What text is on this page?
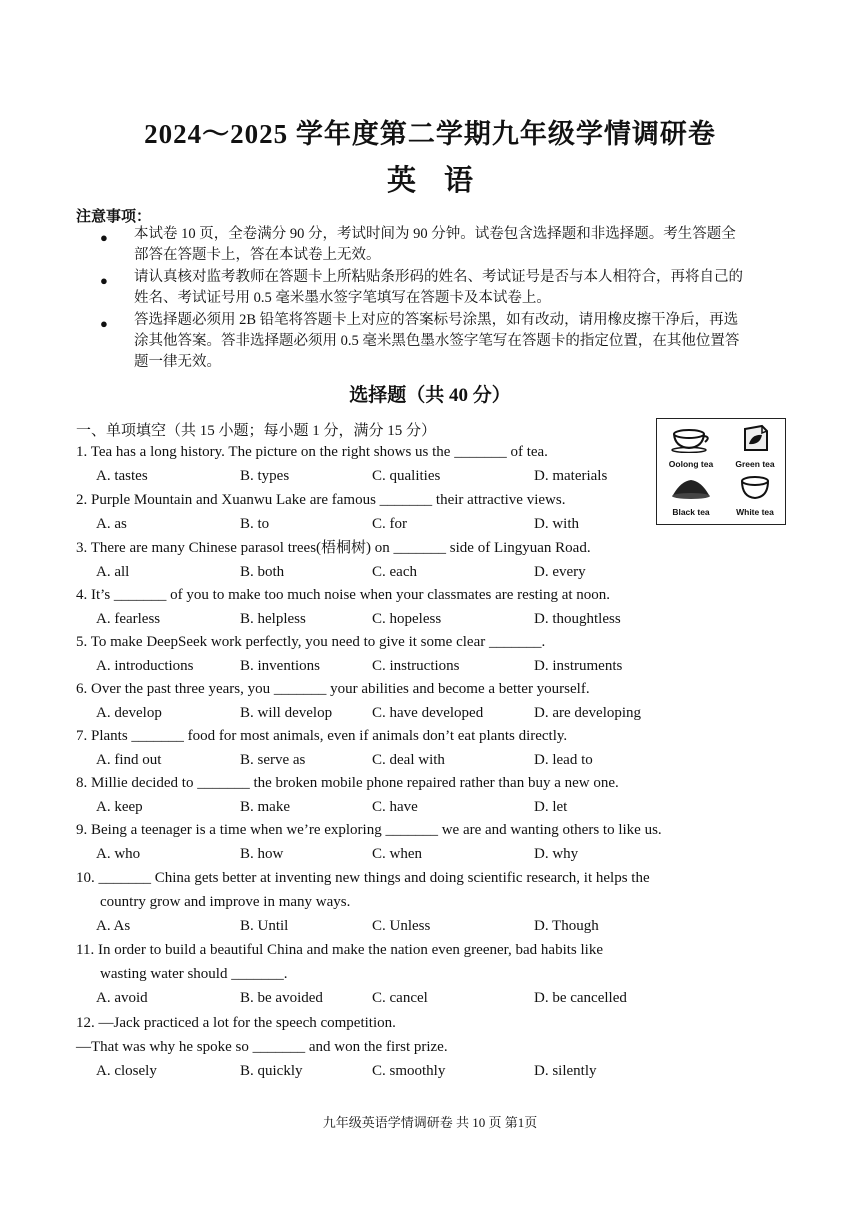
2024～2025 学年度第二学期九年级学情调研卷
英语
注意事项：
● 本试卷 10 页，全卷满分 90 分，考试时间为 90 分钟。试卷包含选择题和非选择题。考生答题全部答在答题卡上，答在本试卷上无效。
● 请认真核对监考教师在答题卡上所粘贴条形码的姓名、考试证号是否与本人相符合，再将自己的姓名、考试证号用 0.5 毫米墨水签字笔填写在答题卡及本试卷上。
● 答选择题必须用 2B 铅笔将答题卡上对应的答案标号涂黑，如有改动，请用橡皮擦干净后，再选涂其他答案。答非选择题必须用 0.5 毫米黑色墨水签字笔写在答题卡的指定位置，在其他位置答题一律无效。
选择题（共 40 分）
一、单项填空（共 15 小题；每小题 1 分，满分 15 分）
Oolong tea	Green tea
Black tea	White tea
1. Tea has a long history. The picture on the right shows us the _______ of tea.
A. tastes	B. types	C. qualities	D. materials
2. Purple Mountain and Xuanwu Lake are famous _______ their attractive views.
A. as	B. to	C. for	D. with
3. There are many Chinese parasol trees(梧桐树) on _______ side of Lingyuan Road.
A. all	B. both	C. each	D. every
4. It’s _______ of you to make too much noise when your classmates are resting at noon.
A. fearless	B. helpless	C. hopeless	D. thoughtless
5. To make DeepSeek work perfectly, you need to give it some clear _______.
A. introductions	B. inventions	C. instructions	D. instruments
6. Over the past three years, you _______ your abilities and become a better yourself.
A. develop	B. will develop	C. have developed	D. are developing
7. Plants _______ food for most animals, even if animals don’t eat plants directly.
A. find out	B. serve as	C. deal with	D. lead to
8. Millie decided to _______ the broken mobile phone repaired rather than buy a new one.
A. keep	B. make	C. have	D. let
9. Being a teenager is a time when we’re exploring _______ we are and wanting others to like us.
A. who	B. how	C. when	D. why
10. _______ China gets better at inventing new things and doing scientific research, it helps the
country grow and improve in many ways.
A. As	B. Until	C. Unless	D. Though
11. In order to build a beautiful China and make the nation even greener, bad habits like
wasting water should _______.
A. avoid	B. be avoided	C. cancel	D. be cancelled
12. —Jack practiced a lot for the speech competition.
—That was why he spoke so _______ and won the first prize.
A. closely	B. quickly	C. smoothly	D. silently
九年级英语学情调研卷 共 10 页 第1页
